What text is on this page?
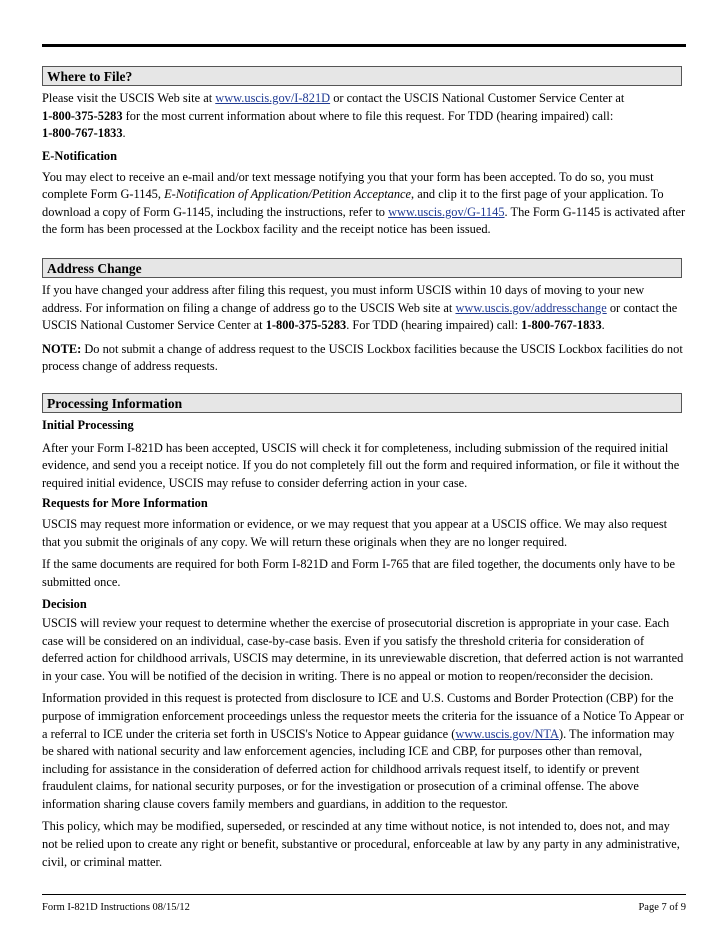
Where to File?

Please visit the USCIS Web site at www.uscis.gov/I-821D or contact the USCIS National Customer Service Center at
1-800-375-5283 for the most current information about where to file this request. For TDD (hearing impaired) call:
1-800-767-1833.

E-Notification

You may elect to receive an e-mail and/or text message notifying you that your form has been accepted. To do so, you must complete Form G-1145, E-Notification of Application/Petition Acceptance, and clip it to the first page of your application. To download a copy of Form G-1145, including the instructions, refer to www.uscis.gov/G-1145. The Form G-1145 is activated after the form has been processed at the Lockbox facility and the receipt notice has been issued.

Address Change

If you have changed your address after filing this request, you must inform USCIS within 10 days of moving to your new address. For information on filing a change of address go to the USCIS Web site at www.uscis.gov/addresschange or contact the USCIS National Customer Service Center at 1-800-375-5283. For TDD (hearing impaired) call: 1-800-767-1833.

NOTE: Do not submit a change of address request to the USCIS Lockbox facilities because the USCIS Lockbox facilities do not process change of address requests.

Processing Information

Initial Processing

After your Form I-821D has been accepted, USCIS will check it for completeness, including submission of the required initial evidence, and send you a receipt notice. If you do not completely fill out the form and required information, or file it without the required initial evidence, USCIS may refuse to consider deferring action in your case.

Requests for More Information

USCIS may request more information or evidence, or we may request that you appear at a USCIS office. We may also request that you submit the originals of any copy. We will return these originals when they are no longer required.

If the same documents are required for both Form I-821D and Form I-765 that are filed together, the documents only have to be submitted once.

Decision

USCIS will review your request to determine whether the exercise of prosecutorial discretion is appropriate in your case. Each case will be considered on an individual, case-by-case basis. Even if you satisfy the threshold criteria for consideration of deferred action for childhood arrivals, USCIS may determine, in its unreviewable discretion, that deferred action is not warranted in your case. You will be notified of the decision in writing. There is no appeal or motion to reopen/reconsider the decision.

Information provided in this request is protected from disclosure to ICE and U.S. Customs and Border Protection (CBP) for the purpose of immigration enforcement proceedings unless the requestor meets the criteria for the issuance of a Notice To Appear or a referral to ICE under the criteria set forth in USCIS's Notice to Appear guidance (www.uscis.gov/NTA). The information may be shared with national security and law enforcement agencies, including ICE and CBP, for purposes other than removal, including for assistance in the consideration of deferred action for childhood arrivals request itself, to identify or prevent fraudulent claims, for national security purposes, or for the investigation or prosecution of a criminal offense. The above information sharing clause covers family members and guardians, in addition to the requestor.

This policy, which may be modified, superseded, or rescinded at any time without notice, is not intended to, does not, and may not be relied upon to create any right or benefit, substantive or procedural, enforceable at law by any party in any administrative, civil, or criminal matter.

Form I-821D Instructions 08/15/12	Page 7 of 9
